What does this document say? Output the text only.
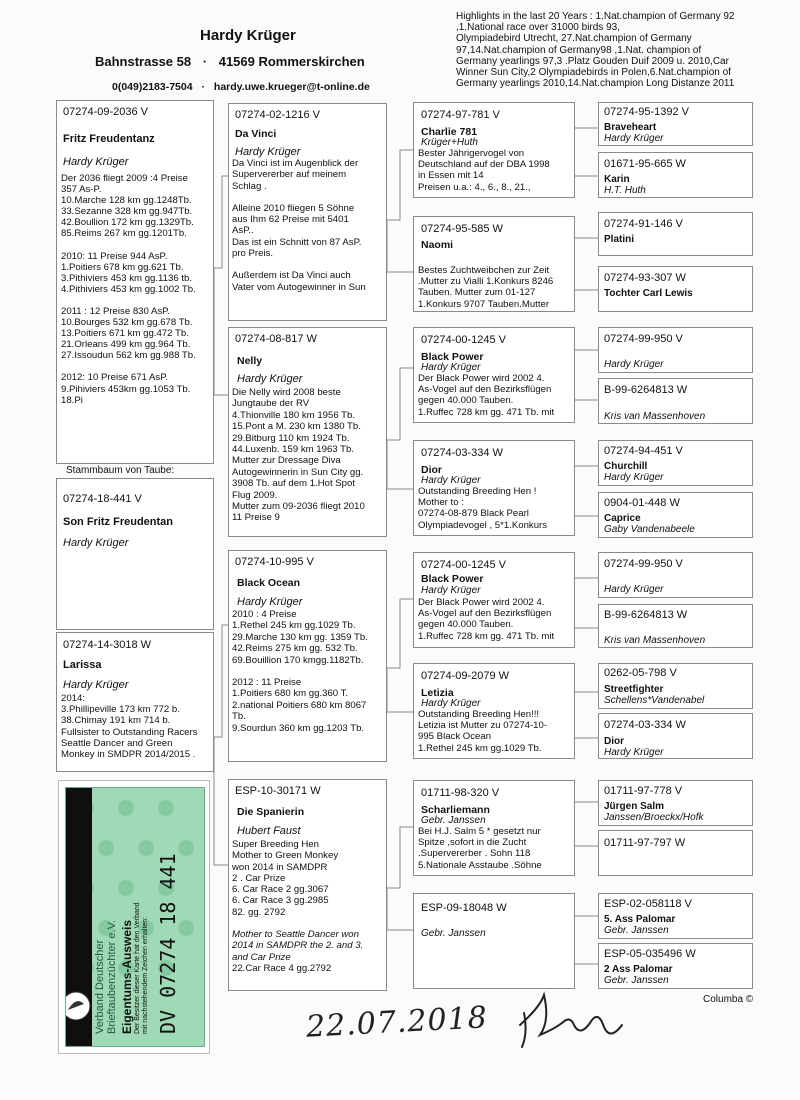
Hardy Krüger
Bahnstrasse 58 · 41569 Rommerskirchen
0(049)2183-7504 · hardy.uwe.krueger@t-online.de
Highlights in the last 20 Years : 1.Nat.champion of Germany 92
,1.National race over 31000 birds 93,
Olympiadebird Utrecht, 27.Nat.champion of Germany
97,14.Nat.champion of Germany98 ,1.Nat. champion of
Germany yearlings 97,3 .Platz Gouden Duif 2009 u. 2010,Car
Winner Sun City,2 Olympiadebirds in Polen,6.Nat.champion of
Germany yearlings 2010,14.Nat.champion Long Distanze 2011
07274-09-2036 V
Fritz Freudentanz
Hardy Krüger
Der 2036 fliegt 2009 :4 Preise
357 As-P.
10.Marche 128 km gg.1248Tb.
33.Sezanne 328 km gg.947Tb.
42.Boullion 172 km gg.1329Tb.
85.Reims 267 km gg.1201Tb.
2010: 11 Preise 944 AsP.
1.Poitiers 678 km gg.621 Tb.
3.Pithiviers 453 km gg.1136 tb.
4.Pithiviers 453 km gg.1002 Tb.
2011 : 12 Preise 830 AsP.
10.Bourges 532 km gg.678 Tb.
13.Poitiers 671 km gg.472 Tb.
21.Orleans 499 km gg.964 Tb.
27.Issoudun 562 km gg.988 Tb.
2012: 10 Preise 671 AsP.
9.Pihiviers 453km gg.1053 Tb.
18.Pi
Stammbaum von Taube:
07274-18-441 V
Son Fritz Freudentan
Hardy Krüger
07274-14-3018 W
Larissa
Hardy Krüger
2014:
3.Phillipeville 173 km 772 b.
38.Chimay 191 km 714 b.
Fullsister to Outstanding Racers
Seattle Dancer and Green
Monkey in SMDPR 2014/2015 .
Verband Deutscher Brieftaubenzüchter e.V. Eigentums-Ausweis Der Besitzer dieser Karte hat den Verband mit nachstehendem Zeichen erhalten: DV 07274 18 441
07274-02-1216 V
Da Vinci
Hardy Krüger
Da Vinci ist im Augenblick der
Supervererber auf meinem
Schlag .
Alleine 2010 fliegen 5 Söhne
aus Ihm 62 Preise mit 5401
AsP..
Das ist ein Schnitt von 87 AsP.
pro Preis.
Außerdem ist Da Vinci auch
Vater vom Autogewinner in Sun
07274-08-817 W
Nelly
Hardy Krüger
Die Nelly wird 2008 beste
Jungtaube der RV
4.Thionville 180 km 1956 Tb.
15.Pont a M. 230 km 1380 Tb.
29.Bitburg 110 km 1924 Tb.
44.Luxenb. 159 km 1963 Tb.
Mutter zur Dressage Diva
Autogewinnerin in Sun City gg.
3908 Tb. auf dem 1.Hot Spot
Flug 2009.
Mutter zum 09-2036 fliegt 2010
11 Preise 9
07274-10-995 V
Black Ocean
Hardy Krüger
2010 : 4 Preise
1.Rethel 245 km gg.1029 Tb.
29.Marche 130 km gg. 1359 Tb.
42.Reims 275 km gg. 532 Tb.
69.Bouillion 170 kmgg.1182Tb.
2012 : 11 Preise
1.Poitiers 680 km gg.360 T.
2.national Poitiers 680 km 8067
Tb.
9.Sourdun 360 km gg.1203 Tb.
ESP-10-30171 W
Die Spanierin
Hubert Faust
Super Breeding Hen
Mother to Green Monkey
won 2014 in SAMDPR
2 . Car Prize
6. Car Race 2 gg.3067
6. Car Race 3 gg.2985
82. gg. 2792
Mother to Seattle Dancer won
2014 in SAMDPR the 2. and 3.
and Car Prize
22.Car Race 4 gg.2792
07274-97-781 V
Charlie 781
Krüger+Huth
Bester Jährigervogel von
Deutschland auf der DBA 1998
in Essen mit 14
Preisen u.a.: 4., 6., 8., 21.,
07274-95-585 W
Naomi
Bestes Zuchtweibchen zur Zeit
.Mutter zu Vialli 1.Konkurs 8246
Tauben. Mutter zum 01-127
1.Konkurs 9707 Tauben.Mutter
07274-00-1245 V
Black Power
Hardy Krüger
Der Black Power wird 2002 4.
As-Vogel auf den Bezirksflügen
gegen 40.000 Tauben.
1.Ruffec 728 km gg. 471 Tb. mit
07274-03-334 W
Dior
Hardy Krüger
Outstanding Breeding Hen !
Mother to :
07274-08-879 Black Pearl
Olympiadevogel , 5*1.Konkurs
07274-00-1245 V
Black Power
Hardy Krüger
Der Black Power wird 2002 4.
As-Vogel auf den Bezirksflügen
gegen 40.000 Tauben.
1.Ruffec 728 km gg. 471 Tb. mit
07274-09-2079 W
Letizia
Hardy Krüger
Outstanding Breeding Hen!!!
Letizia ist Mutter zu 07274-10-
995 Black Ocean
1.Rethel 245 km gg.1029 Tb.
01711-98-320 V
Scharliemann
Gebr. Janssen
Bei H.J. Salm 5 * gesetzt nur
Spitze ,sofort in die Zucht
.Supervererber . Sohn 118
5.Nationale Asstaube .Söhne
ESP-09-18048 W
Gebr. Janssen
07274-95-1392 V
Braveheart
Hardy Krüger
01671-95-665 W
Karin
H.T. Huth
07274-91-146 V
Platini
07274-93-307 W
Tochter Carl Lewis
07274-99-950 V
Hardy Krüger
B-99-6264813 W
Kris van Massenhoven
07274-94-451 V
Churchill
Hardy Krüger
0904-01-448 W
Caprice
Gaby Vandenabeele
07274-99-950 V
Hardy Krüger
B-99-6264813 W
Kris van Massenhoven
0262-05-798 V
Streetfighter
Schellens*Vandenabel
07274-03-334 W
Dior
Hardy Krüger
01711-97-778 V
Jürgen Salm
Janssen/Broeckx/Hofk
01711-97-797 W
ESP-02-058118 V
5. Ass Palomar
Gebr. Janssen
ESP-05-035496 W
2 Ass Palomar
Gebr. Janssen
Columba ©
22.07.2018
